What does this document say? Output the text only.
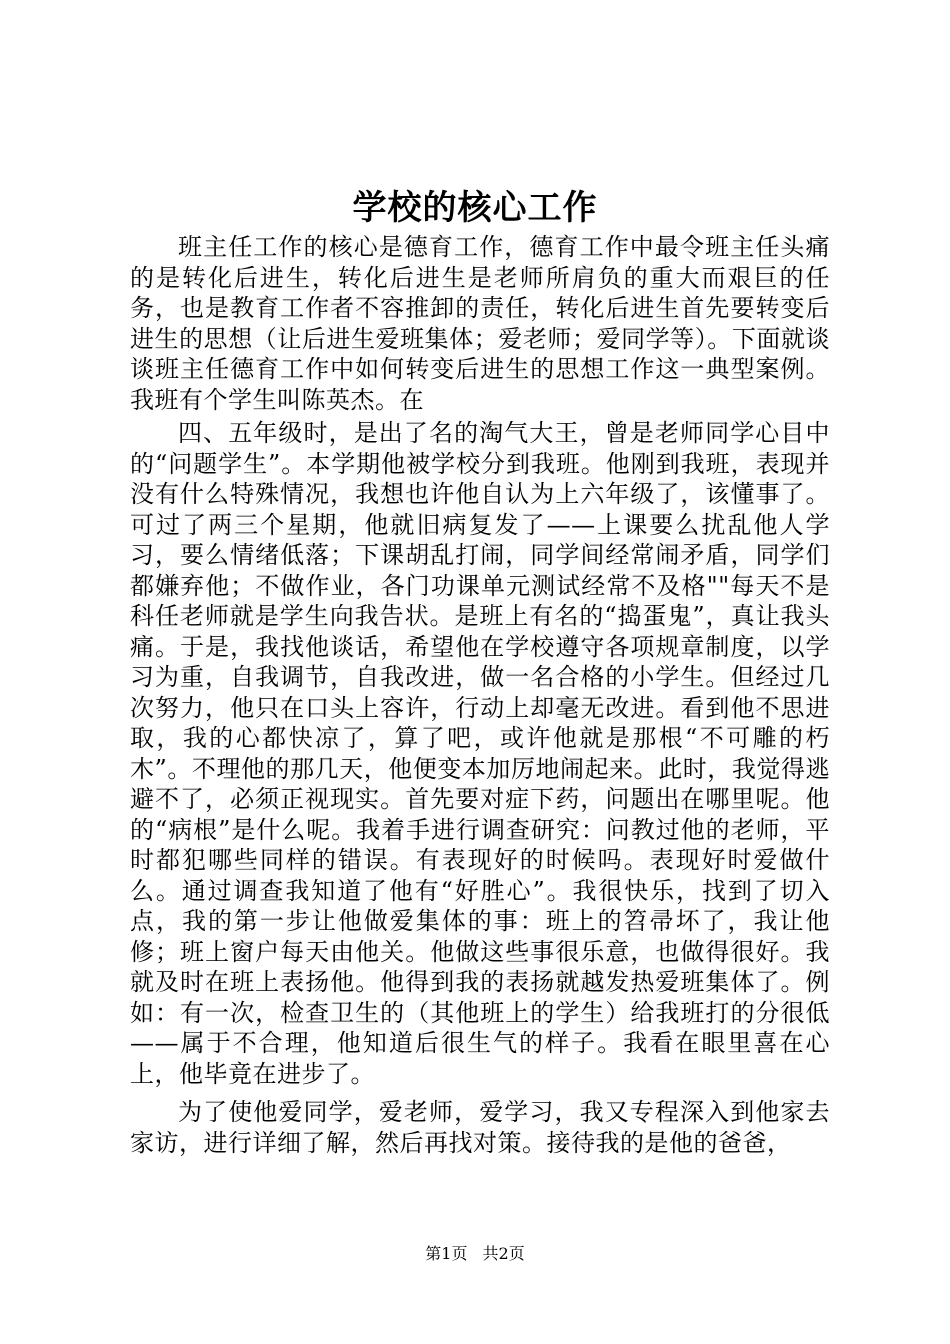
学校的核心工作

班主任工作的核心是德育工作，德育工作中最令班主任头痛的是转化后进生，转化后进生是老师所肩负的重大而艰巨的任务，也是教育工作者不容推卸的责任，转化后进生首先要转变后进生的思想（让后进生爱班集体；爱老师；爱同学等）。下面就谈谈班主任德育工作中如何转变后进生的思想工作这一典型案例。我班有个学生叫陈英杰。在

四、五年级时，是出了名的淘气大王，曾是老师同学心目中的“问题学生”。本学期他被学校分到我班。他刚到我班，表现并没有什么特殊情况，我想也许他自认为上六年级了，该懂事了。可过了两三个星期，他就旧病复发了——上课要么扰乱他人学习，要么情绪低落；下课胡乱打闹，同学间经常闹矛盾，同学们都嫌弃他；不做作业，各门功课单元测试经常不及格""每天不是科任老师就是学生向我告状。是班上有名的“捣蛋鬼”，真让我头痛。于是，我找他谈话，希望他在学校遵守各项规章制度，以学习为重，自我调节，自我改进，做一名合格的小学生。但经过几次努力，他只在口头上容许，行动上却毫无改进。看到他不思进取，我的心都快凉了，算了吧，或许他就是那根“不可雕的朽木”。不理他的那几天，他便变本加厉地闹起来。此时，我觉得逃避不了，必须正视现实。首先要对症下药，问题出在哪里呢。他的“病根”是什么呢。我着手进行调查研究：问教过他的老师，平时都犯哪些同样的错误。有表现好的时候吗。表现好时爱做什么。通过调查我知道了他有“好胜心”。我很快乐，找到了切入点，我的第一步让他做爱集体的事：班上的笤帚坏了，我让他修；班上窗户每天由他关。他做这些事很乐意，也做得很好。我就及时在班上表扬他。他得到我的表扬就越发热爱班集体了。例如：有一次，检查卫生的（其他班上的学生）给我班打的分很低——属于不合理，他知道后很生气的样子。我看在眼里喜在心上，他毕竟在进步了。

为了使他爱同学，爱老师，爱学习，我又专程深入到他家去家访，进行详细了解，然后再找对策。接待我的是他的爸爸，

第1页 共2页
